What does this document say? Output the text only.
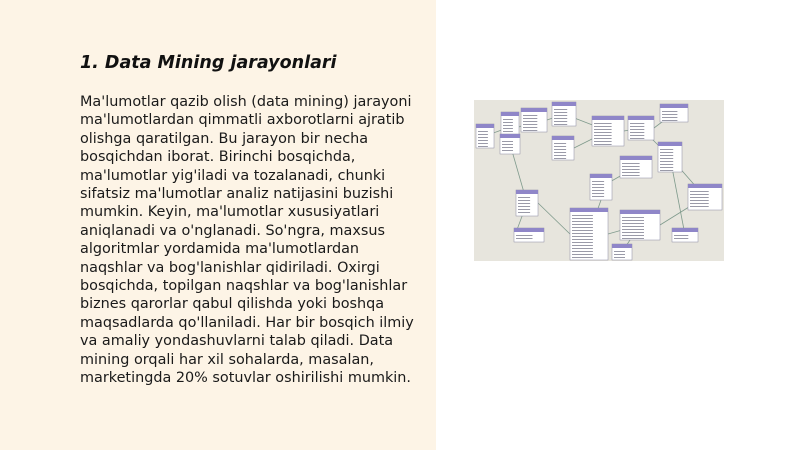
1. Data Mining jarayonlari

Ma'lumotlar qazib olish (data mining) jarayoni ma'lumotlardan qimmatli axborotlarni ajratib olishga qaratilgan. Bu jarayon bir necha bosqichdan iborat. Birinchi bosqichda, ma'lumotlar yig'iladi va tozalanadi, chunki sifatsiz ma'lumotlar analiz natijasini buzishi mumkin. Keyin, ma'lumotlar xususiyatlari aniqlanadi va o'nglanadi. So'ngra, maxsus algoritmlar yordamida ma'lumotlardan naqshlar va bog'lanishlar qidiriladi. Oxirgi bosqichda, topilgan naqshlar va bog'lanishlar biznes qarorlar qabul qilishda yoki boshqa maqsadlarda qo'llaniladi. Har bir bosqich ilmiy va amaliy yondashuvlarni talab qiladi. Data mining orqali har xil sohalarda, masalan, marketingda 20% sotuvlar oshirilishi mumkin.
